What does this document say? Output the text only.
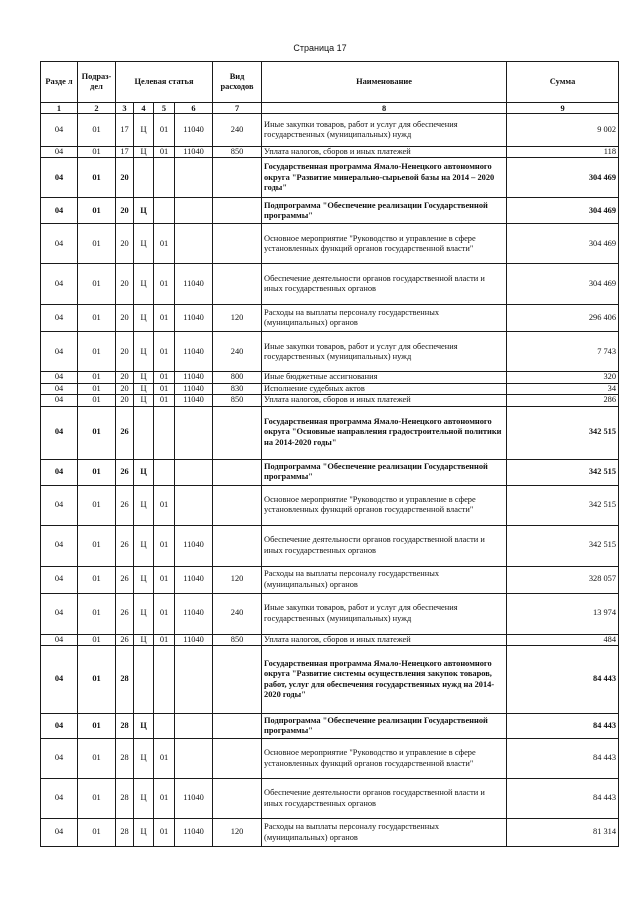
Страница 17
Разде л	Подраз- дел	Целевая статья				Вид расходов	Наименование	Сумма
1	2	3	4	5	6	7	8	9
04	01	17	Ц	01	11040	240	Иные закупки товаров, работ и услуг для обеспечения государственных (муниципальных) нужд	9 002
04	01	17	Ц	01	11040	850	Уплата налогов, сборов и иных платежей	118
04	01	20					Государственная программа Ямало-Ненецкого автономного округа "Развитие минерально-сырьевой базы на 2014 – 2020 годы"	304 469
04	01	20	Ц				Подпрограмма "Обеспечение реализации Государственной программы"	304 469
04	01	20	Ц	01			Основное мероприятие "Руководство и управление в сфере установленных функций органов государственной власти"	304 469
04	01	20	Ц	01	11040		Обеспечение деятельности органов государственной власти и иных государственных органов	304 469
04	01	20	Ц	01	11040	120	Расходы на выплаты персоналу государственных (муниципальных) органов	296 406
04	01	20	Ц	01	11040	240	Иные закупки товаров, работ и услуг для обеспечения государственных (муниципальных) нужд	7 743
04	01	20	Ц	01	11040	800	Иные бюджетные ассигнования	320
04	01	20	Ц	01	11040	830	Исполнение судебных актов	34
04	01	20	Ц	01	11040	850	Уплата налогов, сборов и иных платежей	286
04	01	26					Государственная программа Ямало-Ненецкого автономного округа "Основные направления градостроительной политики на 2014-2020 годы"	342 515
04	01	26	Ц				Подпрограмма "Обеспечение реализации Государственной программы"	342 515
04	01	26	Ц	01			Основное мероприятие "Руководство и управление в сфере установленных функций органов государственной власти"	342 515
04	01	26	Ц	01	11040		Обеспечение деятельности органов государственной власти и иных государственных органов	342 515
04	01	26	Ц	01	11040	120	Расходы на выплаты персоналу государственных (муниципальных) органов	328 057
04	01	26	Ц	01	11040	240	Иные закупки товаров, работ и услуг для обеспечения государственных (муниципальных) нужд	13 974
04	01	26	Ц	01	11040	850	Уплата налогов, сборов и иных платежей	484
04	01	28					Государственная программа Ямало-Ненецкого автономного округа "Развитие системы осуществления закупок товаров, работ, услуг для обеспечения государственных нужд на 2014-2020 годы"	84 443
04	01	28	Ц				Подпрограмма "Обеспечение реализации Государственной программы"	84 443
04	01	28	Ц	01			Основное мероприятие "Руководство и управление в сфере установленных функций органов государственной власти"	84 443
04	01	28	Ц	01	11040		Обеспечение деятельности органов государственной власти и иных государственных органов	84 443
04	01	28	Ц	01	11040	120	Расходы на выплаты персоналу государственных (муниципальных) органов	81 314
